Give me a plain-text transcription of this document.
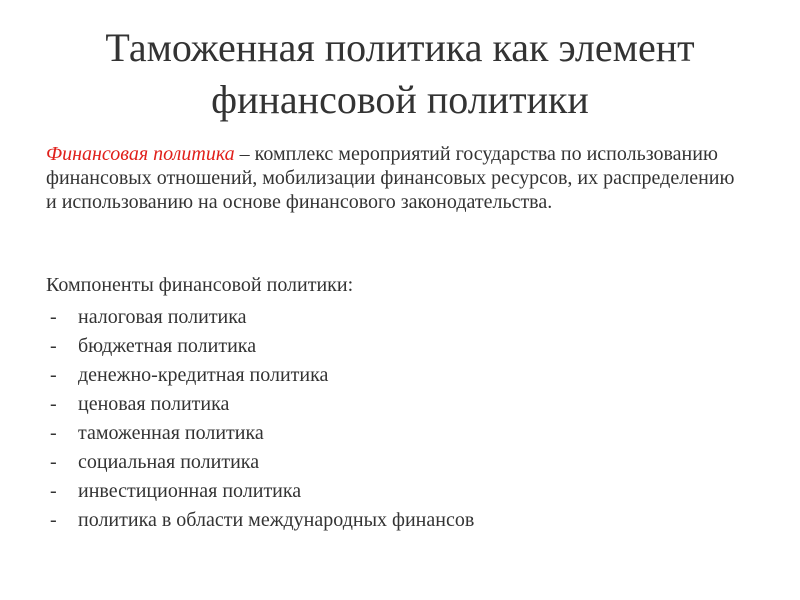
Таможенная политика как элемент
финансовой политики

Финансовая политика – комплекс мероприятий государства по использованию финансовых отношений, мобилизации финансовых ресурсов, их распределению и использованию на основе финансового законодательства.

Компоненты финансовой политики:

- налоговая политика
- бюджетная политика
- денежно-кредитная политика
- ценовая политика
- таможенная политика
- социальная политика
- инвестиционная политика
- политика в области международных финансов
